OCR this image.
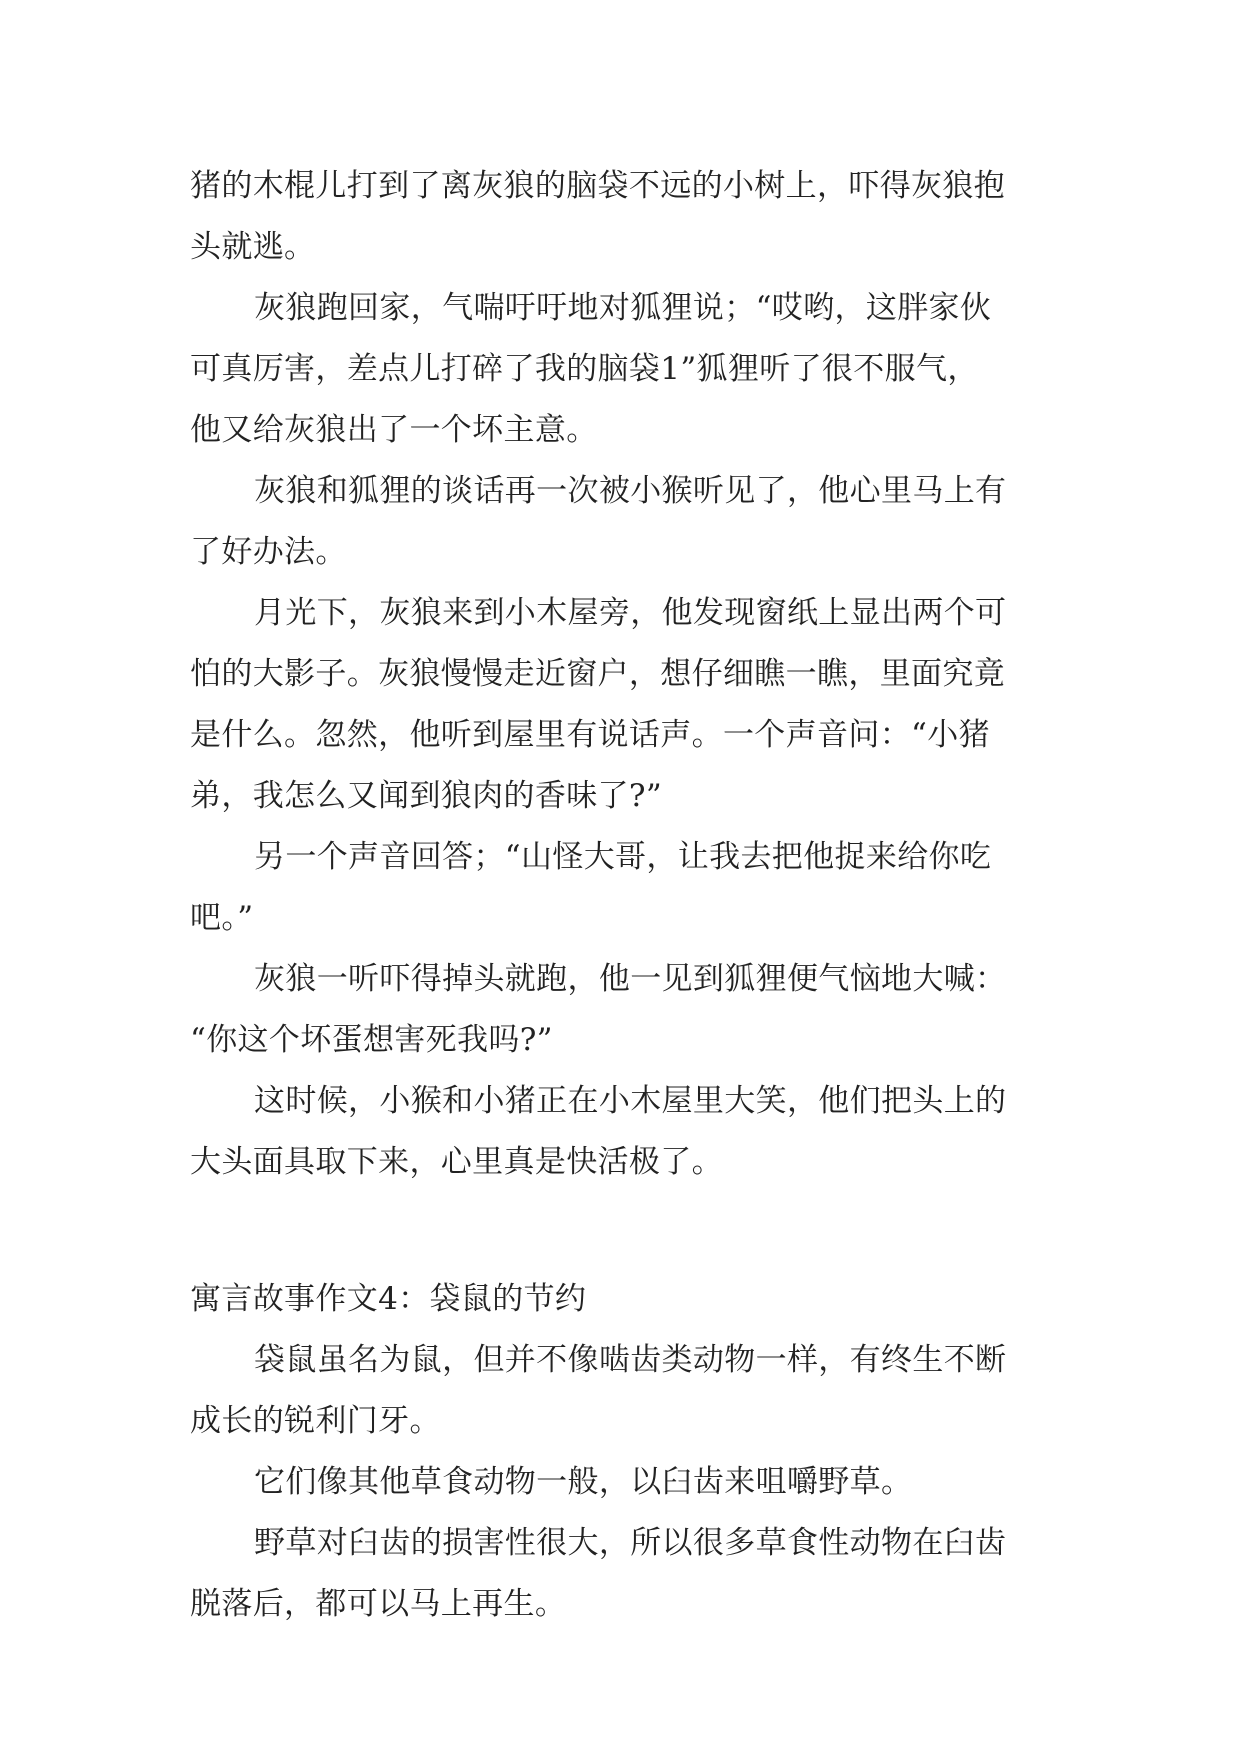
猪的木棍儿打到了离灰狼的脑袋不远的小树上，吓得灰狼抱
头就逃。
灰狼跑回家，气喘吁吁地对狐狸说；“哎哟，这胖家伙
可真厉害，差点儿打碎了我的脑袋1”狐狸听了很不服气，
他又给灰狼出了一个坏主意。
灰狼和狐狸的谈话再一次被小猴听见了，他心里马上有
了好办法。
月光下，灰狼来到小木屋旁，他发现窗纸上显出两个可
怕的大影子。灰狼慢慢走近窗户，想仔细瞧一瞧，里面究竟
是什么。忽然，他听到屋里有说话声。一个声音问：“小猪
弟，我怎么又闻到狼肉的香味了?”
另一个声音回答；“山怪大哥，让我去把他捉来给你吃
吧。”
灰狼一听吓得掉头就跑，他一见到狐狸便气恼地大喊：
“你这个坏蛋想害死我吗?”
这时候，小猴和小猪正在小木屋里大笑，他们把头上的
大头面具取下来，心里真是快活极了。
寓言故事作文4：袋鼠的节约
袋鼠虽名为鼠，但并不像啮齿类动物一样，有终生不断
成长的锐利门牙。
它们像其他草食动物一般，以臼齿来咀嚼野草。
野草对臼齿的损害性很大，所以很多草食性动物在臼齿
脱落后，都可以马上再生。
